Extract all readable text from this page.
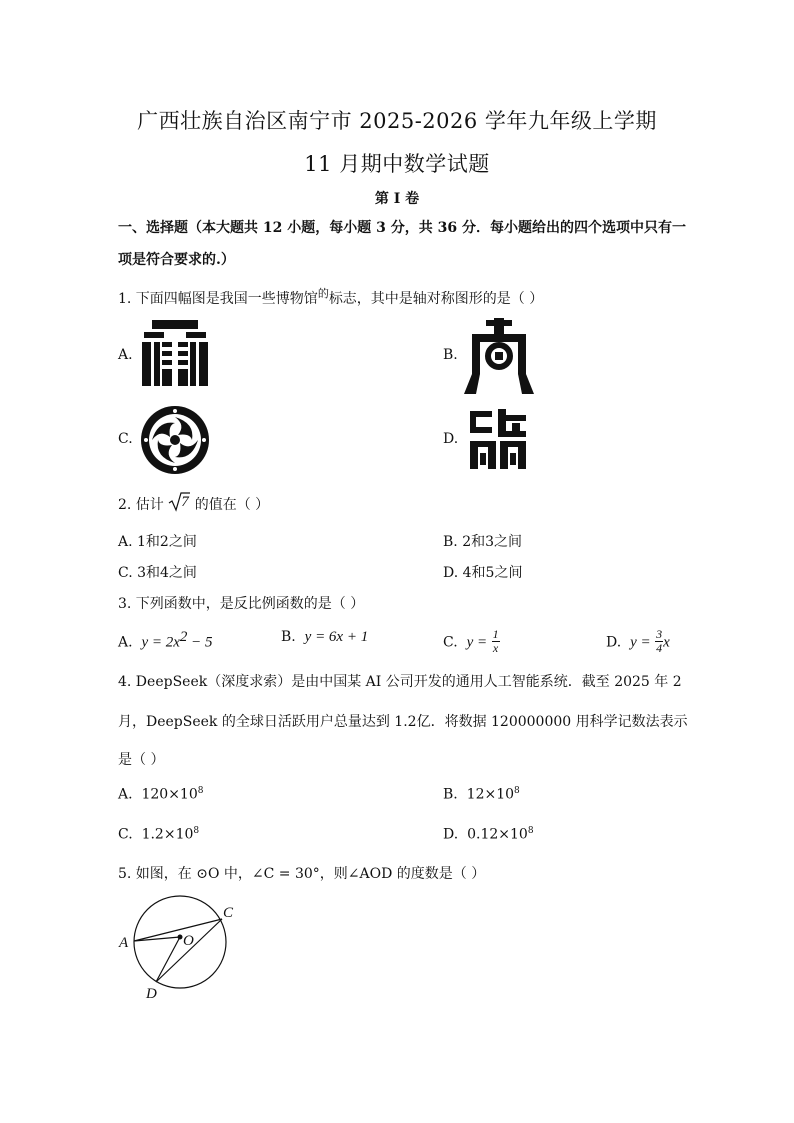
广西壮族自治区南宁市 2025-2026 学年九年级上学期
11 月期中数学试题
第 I 卷
一、选择题（本大题共 12 小题，每小题 3 分，共 36 分．每小题给出的四个选项中只有一
项是符合要求的.）
1. 下面四幅图是我国一些博物馆$^的$标志，其中是轴对称图形的是（ ）
A.	B.
C.	D.
2. 估计 7 的值在（ ）
A. 1和2之间	B. 2和3之间
C. 3和4之间	D. 4和5之间
3. 下列函数中，是反比例函数的是（ ）
A. $y = 2x^2 - 5$	B. y = 6x + 1	C. $y = \frac{1}{x}$	D. $y = \frac{3}{4}$ x
4. DeepSeek（深度求索）是由中国某 AI 公司开发的通用人工智能系统．截至 2025 年 2
月，DeepSeek 的全球日活跃用户总量达到 1.2亿．将数据 120000000 用科学记数法表示
是（ ）
A. $120\times 10^8$	B. $12\times 10^8$
C. $1.2\times 10^8$	D. $0.12\times 10^8$
5. 如图，在 ⊙O 中，∠C = 30°，则∠AOD 的度数是（ ）
A
C
O
D
